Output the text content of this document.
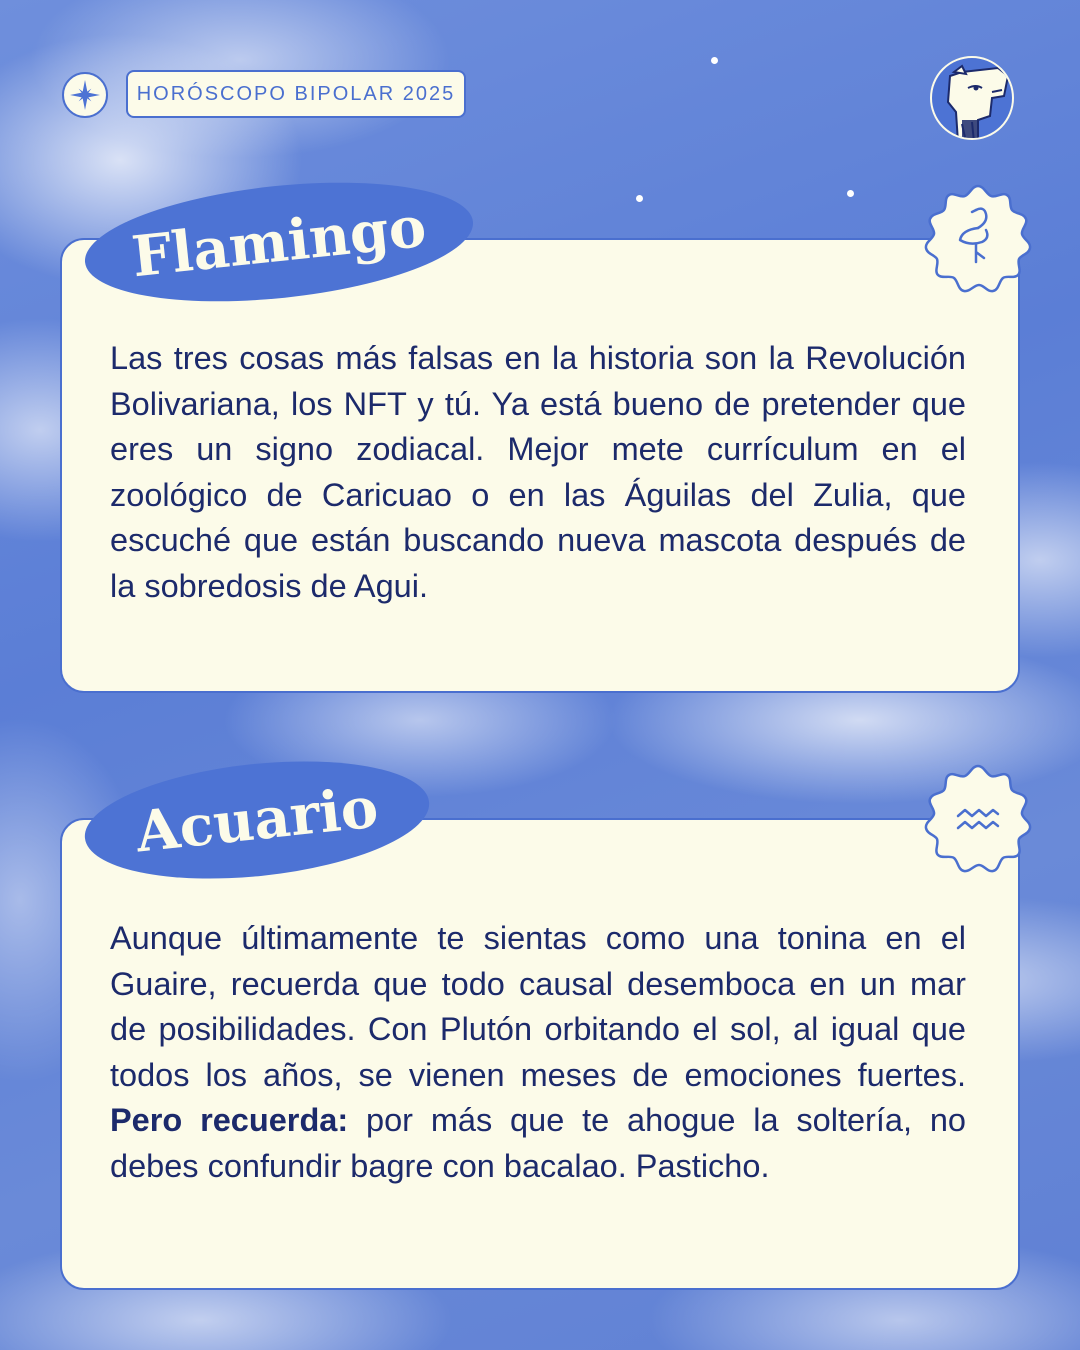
HORÓSCOPO BIPOLAR 2025

Las tres cosas más falsas en la historia son la Revolución Bolivariana, los NFT y tú. Ya está bueno de pretender que eres un signo zodiacal. Mejor mete currículum en el zoológico de Caricuao o en las Águilas del Zulia, que escuché que están buscando nueva mascota después de la sobredosis de Agui.

Flamingo

Aunque últimamente te sientas como una tonina en el Guaire, recuerda que todo causal desemboca en un mar de posibilidades. Con Plutón orbitando el sol, al igual que todos los años, se vienen meses de emociones fuertes. Pero recuerda: por más que te ahogue la soltería, no debes confundir bagre con bacalao. Pasticho.

Acuario
